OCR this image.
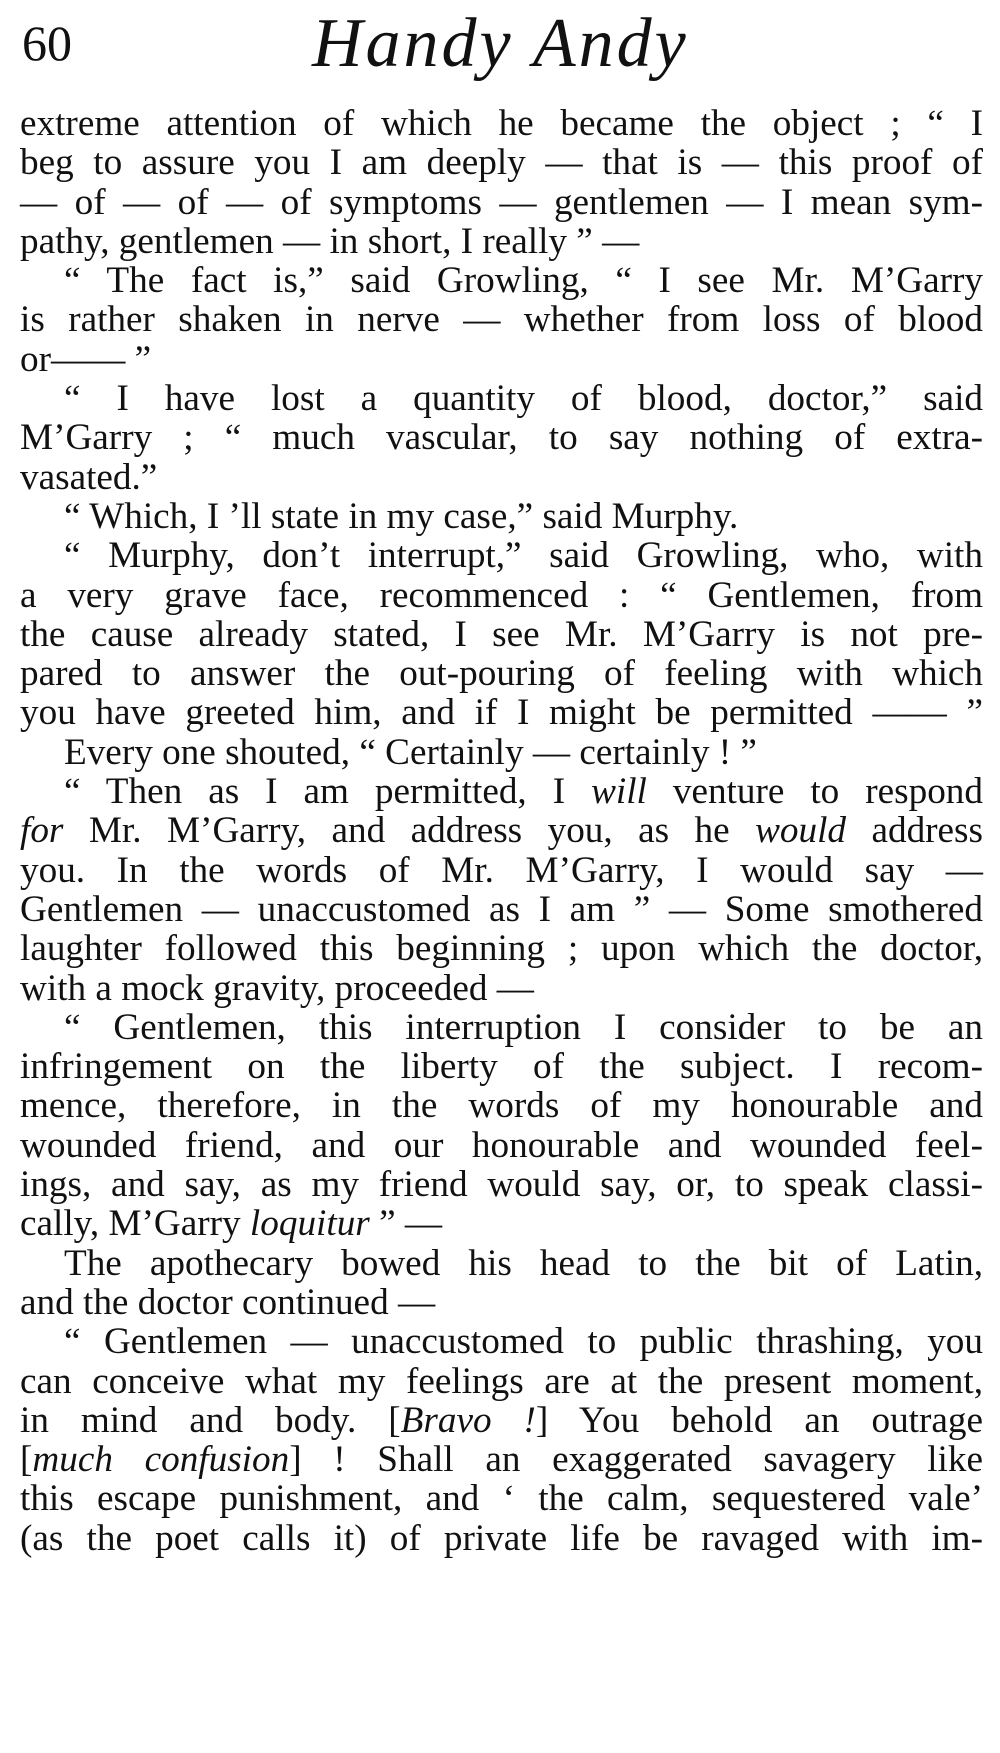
60	Handy Andy
extreme attention of which he became the object ; “ I
beg to assure you I am deeply — that is — this proof of
— of — of — of symptoms — gentlemen — I mean sym-
pathy, gentlemen — in short, I really ” —
“ The fact is,” said Growling, “ I see Mr. M’Garry
is rather shaken in nerve — whether from loss of blood
or—— ”
“ I have lost a quantity of blood, doctor,” said
M’Garry ; “ much vascular, to say nothing of extra-
vasated.”
“ Which, I ’ll state in my case,” said Murphy.
“ Murphy, don’t interrupt,” said Growling, who, with
a very grave face, recommenced : “ Gentlemen, from
the cause already stated, I see Mr. M’Garry is not pre-
pared to answer the out-pouring of feeling with which
you have greeted him, and if I might be permitted —— ”
Every one shouted, “ Certainly — certainly ! ”
“ Then as I am permitted, I will venture to respond
for Mr. M’Garry, and address you, as he would address
you. In the words of Mr. M’Garry, I would say —
Gentlemen — unaccustomed as I am ” — Some smothered
laughter followed this beginning ; upon which the doctor,
with a mock gravity, proceeded —
“ Gentlemen, this interruption I consider to be an
infringement on the liberty of the subject. I recom-
mence, therefore, in the words of my honourable and
wounded friend, and our honourable and wounded feel-
ings, and say, as my friend would say, or, to speak classi-
cally, M’Garry loquitur ” —
The apothecary bowed his head to the bit of Latin,
and the doctor continued —
“ Gentlemen — unaccustomed to public thrashing, you
can conceive what my feelings are at the present moment,
in mind and body. [Bravo !] You behold an outrage
[much confusion] ! Shall an exaggerated savagery like
this escape punishment, and ‘ the calm, sequestered vale’
(as the poet calls it) of private life be ravaged with im-
